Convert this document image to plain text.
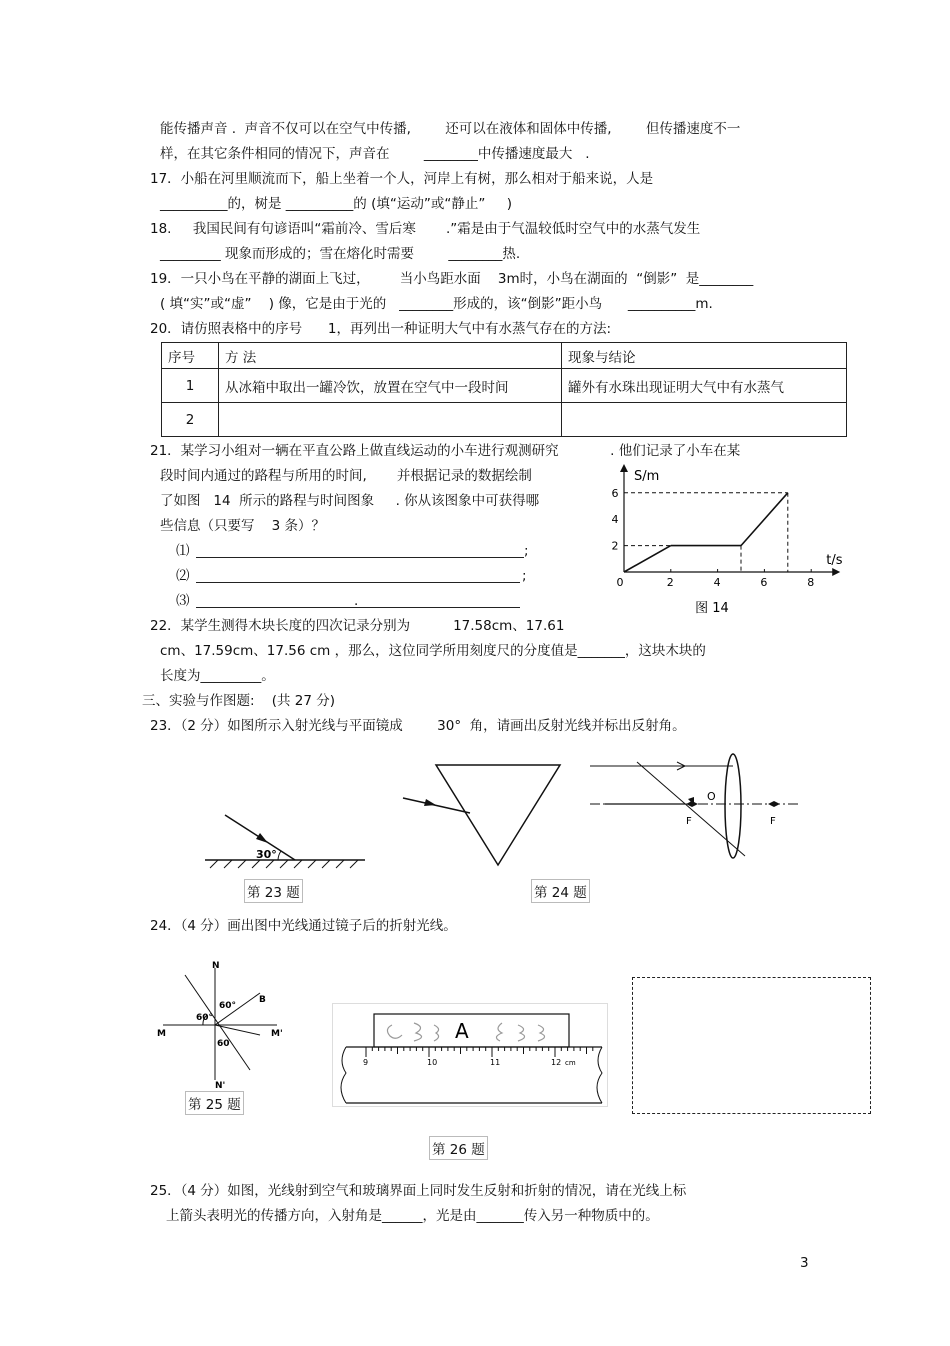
能传播声音 .  声音不仅可以在空气中传播,        还可以在液体和固体中传播,        但传播速度不一
样，在其它条件相同的情况下，声音在        ________中传播速度最大   .
17．小船在河里顺流而下，船上坐着一个人，河岸上有树，那么相对于船来说，人是
__________的，树是 __________的 (填“运动”或“静止”     )
18.     我国民间有句谚语叫“霜前冷、雪后寒       .”霜是由于气温较低时空气中的水蒸气发生
_________ 现象而形成的；雪在熔化时需要        ________热.
19．一只小鸟在平静的湖面上飞过，       当小鸟距水面    3m时，小鸟在湖面的  “倒影”  是________
( 填“实”或“虚”    ) 像，它是由于光的   ________形成的，该“倒影”距小鸟      __________m.
20．请仿照表格中的序号      1，再列出一种证明大气中有水蒸气存在的方法:
序号	方 法	现象与结论
1	从冰箱中取出一罐冷饮，放置在空气中一段时间	罐外有水珠出现证明大气中有水蒸气
2		
21．某学习小组对一辆在平直公路上做直线运动的小车进行观测研究            . 他们记录了小车在某
段时间内通过的路程与所用的时间,       并根据记录的数据绘制
了如图   14  所示的路程与时间图象     . 你从该图象中可获得哪
些信息（只要写    3 条）？
⑴	;
⑵	;
⑶	.
S/m
t/s
0	2	4	6	8
2
4
6
图 14
22．某学生测得木块长度的四次记录分别为          17.58cm、17.61
cm、17.59cm、17.56 cm ，那么，这位同学所用刻度尺的分度值是_______，这块木块的
长度为_________。
三、实验与作图题:    (共 27 分)
23．（2 分）如图所示入射光线与平面镜成        30°  角，请画出反射光线并标出反射角。
30°
第 23 题	第 24 题
O
F	F
24．（4 分）画出图中光线通过镜子后的折射光线。
N
N'
M	M'
B
60°
60°
60
第 25 题
A
9	10	11	12 cm
第 26 题
25．（4 分）如图，光线射到空气和玻璃界面上同时发生反射和折射的情况，请在光线上标
上箭头表明光的传播方向，入射角是______，光是由_______传入另一种物质中的。
3
